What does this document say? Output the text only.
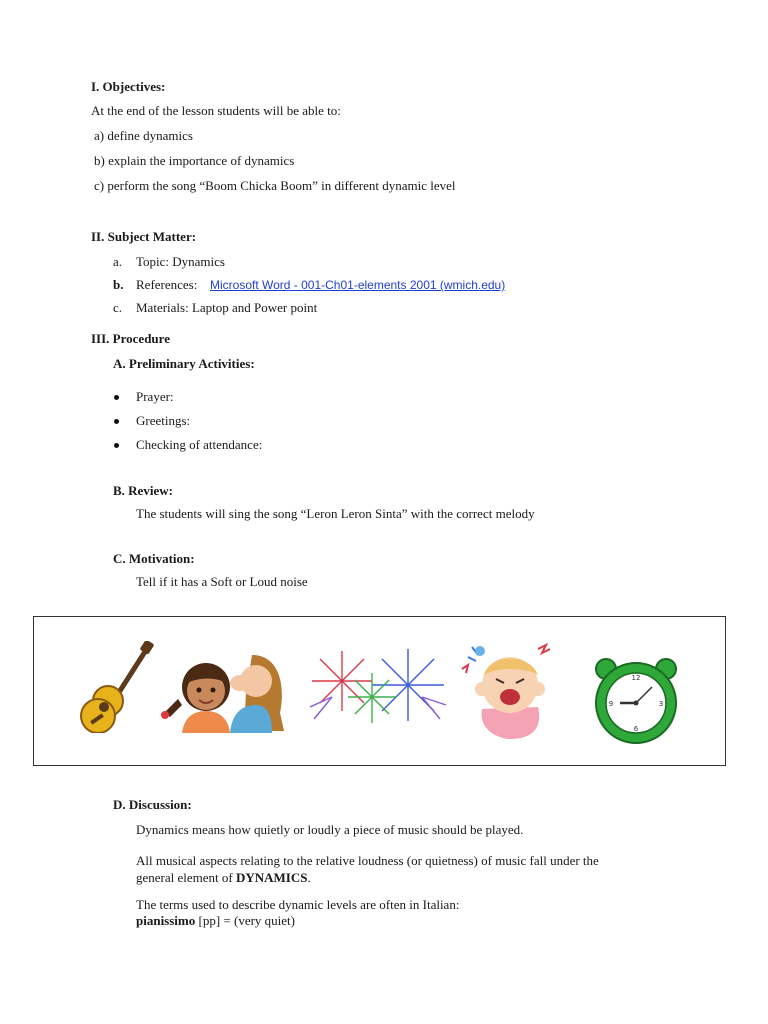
I. Objectives:
At the end of the lesson students will be able to:
a) define dynamics
b) explain the importance of dynamics
c) perform the song “Boom Chicka Boom” in different dynamic level
II. Subject Matter:
a. Topic: Dynamics
b. References: Microsoft Word - 001-Ch01-elements 2001 (wmich.edu)
c. Materials: Laptop and Power point
III. Procedure
A. Preliminary Activities:
Prayer:
Greetings:
Checking of attendance:
B. Review:
The students will sing the song “Leron Leron Sinta” with the correct melody
C. Motivation:
Tell if it has a Soft or Loud noise
12
3
6
9
D. Discussion:
Dynamics means how quietly or loudly a piece of music should be played.
All musical aspects relating to the relative loudness (or quietness) of music fall under the
general element of DYNAMICS.
The terms used to describe dynamic levels are often in Italian:
pianissimo [pp] = (very quiet)
